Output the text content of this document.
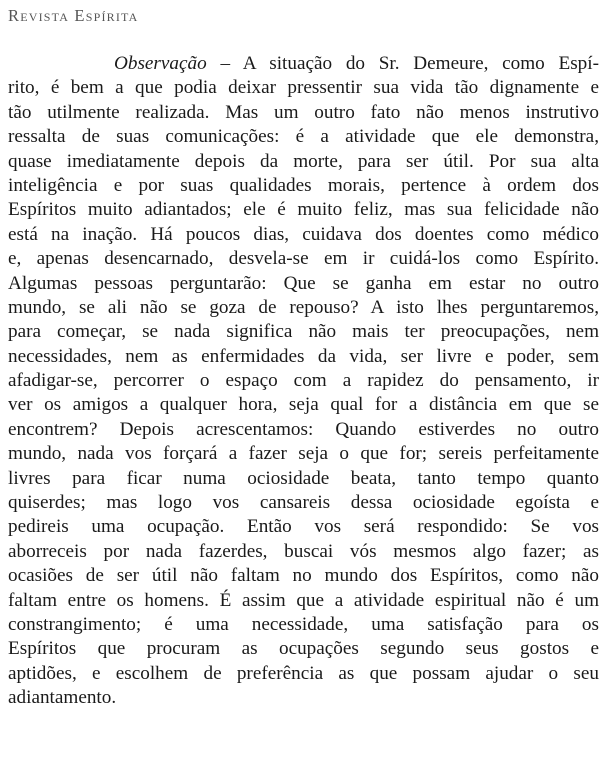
Revista Espírita
Observação – A situação do Sr. Demeure, como Espí-
rito, é bem a que podia deixar pressentir sua vida tão dignamente e
tão utilmente realizada. Mas um outro fato não menos instrutivo
ressalta de suas comunicações: é a atividade que ele demonstra,
quase imediatamente depois da morte, para ser útil. Por sua alta
inteligência e por suas qualidades morais, pertence à ordem dos
Espíritos muito adiantados; ele é muito feliz, mas sua felicidade não
está na inação. Há poucos dias, cuidava dos doentes como médico
e, apenas desencarnado, desvela-se em ir cuidá-los como Espírito.
Algumas pessoas perguntarão: Que se ganha em estar no outro
mundo, se ali não se goza de repouso? A isto lhes perguntaremos,
para começar, se nada significa não mais ter preocupações, nem
necessidades, nem as enfermidades da vida, ser livre e poder, sem
afadigar-se, percorrer o espaço com a rapidez do pensamento, ir
ver os amigos a qualquer hora, seja qual for a distância em que se
encontrem? Depois acrescentamos: Quando estiverdes no outro
mundo, nada vos forçará a fazer seja o que for; sereis perfeitamente
livres para ficar numa ociosidade beata, tanto tempo quanto
quiserdes; mas logo vos cansareis dessa ociosidade egoísta e
pedireis uma ocupação. Então vos será respondido: Se vos
aborreceis por nada fazerdes, buscai vós mesmos algo fazer; as
ocasiões de ser útil não faltam no mundo dos Espíritos, como não
faltam entre os homens. É assim que a atividade espiritual não é um
constrangimento; é uma necessidade, uma satisfação para os
Espíritos que procuram as ocupações segundo seus gostos e
aptidões, e escolhem de preferência as que possam ajudar o seu
adiantamento.
